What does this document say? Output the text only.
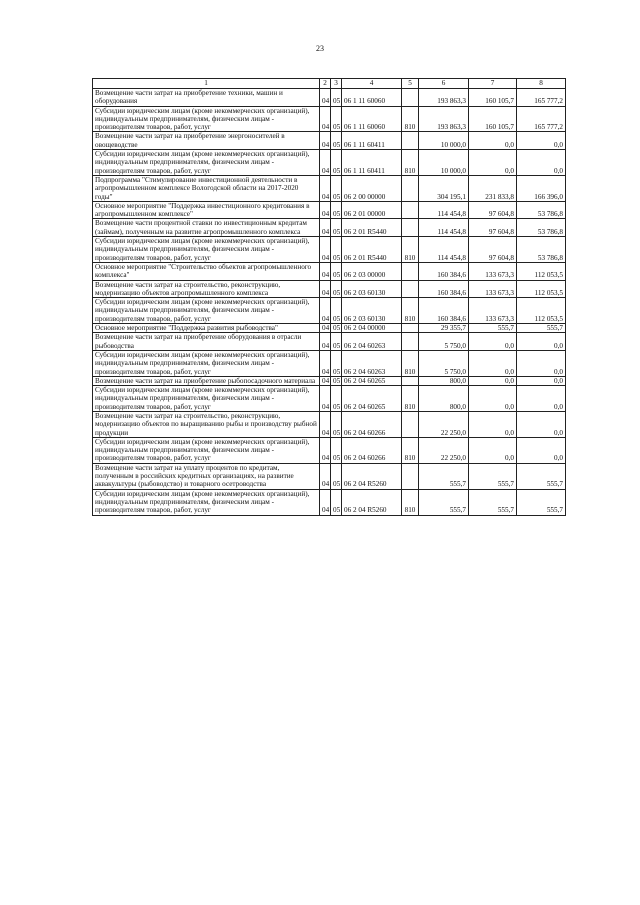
23
1	2	3	4	5	6	7	8
Возмещение части затрат на приобретение техники, машин и оборудования	04	05	06 1 11 60060		193 863,3	160 105,7	165 777,2
Субсидии юридическим лицам (кроме некоммерческих организаций), индивидуальным предпринимателям, физическим лицам - производителям товаров, работ, услуг	04	05	06 1 11 60060	810	193 863,3	160 105,7	165 777,2
Возмещение части затрат на приобретение энергоносителей в овощеводстве	04	05	06 1 11 60411		10 000,0	0,0	0,0
Субсидии юридическим лицам (кроме некоммерческих организаций), индивидуальным предпринимателям, физическим лицам - производителям товаров, работ, услуг	04	05	06 1 11 60411	810	10 000,0	0,0	0,0
Подпрограмма "Стимулирование инвестиционной деятельности в агропромышленном комплексе Вологодской области на 2017-2020 годы"	04	05	06 2 00 00000		304 195,1	231 833,8	166 396,0
Основное мероприятие "Поддержка инвестиционного кредитования в агропромышленном комплексе"	04	05	06 2 01 00000		114 454,8	97 604,8	53 786,8
Возмещение части процентной ставки по инвестиционным кредитам (займам), полученным на развитие агропромышленного комплекса	04	05	06 2 01 R5440		114 454,8	97 604,8	53 786,8
Субсидии юридическим лицам (кроме некоммерческих организаций), индивидуальным предпринимателям, физическим лицам - производителям товаров, работ, услуг	04	05	06 2 01 R5440	810	114 454,8	97 604,8	53 786,8
Основное мероприятие "Строительство объектов агропромышленного комплекса"	04	05	06 2 03 00000		160 384,6	133 673,3	112 053,5
Возмещение части затрат на строительство, реконструкцию, модернизацию объектов агропромышленного комплекса	04	05	06 2 03 60130		160 384,6	133 673,3	112 053,5
Субсидии юридическим лицам (кроме некоммерческих организаций), индивидуальным предпринимателям, физическим лицам - производителям товаров, работ, услуг	04	05	06 2 03 60130	810	160 384,6	133 673,3	112 053,5
Основное мероприятие "Поддержка развития рыбоводства"	04	05	06 2 04 00000		29 355,7	555,7	555,7
Возмещение части затрат на приобретение оборудования в отрасли рыбоводства	04	05	06 2 04 60263		5 750,0	0,0	0,0
Субсидии юридическим лицам (кроме некоммерческих организаций), индивидуальным предпринимателям, физическим лицам - производителям товаров, работ, услуг	04	05	06 2 04 60263	810	5 750,0	0,0	0,0
Возмещение части затрат на приобретение рыбопосадочного материала	04	05	06 2 04 60265		800,0	0,0	0,0
Субсидии юридическим лицам (кроме некоммерческих организаций), индивидуальным предпринимателям, физическим лицам - производителям товаров, работ, услуг	04	05	06 2 04 60265	810	800,0	0,0	0,0
Возмещение части затрат на строительство, реконструкцию, модернизацию объектов по выращиванию рыбы и производству рыбной продукции	04	05	06 2 04 60266		22 250,0	0,0	0,0
Субсидии юридическим лицам (кроме некоммерческих организаций), индивидуальным предпринимателям, физическим лицам - производителям товаров, работ, услуг	04	05	06 2 04 60266	810	22 250,0	0,0	0,0
Возмещение части затрат на уплату процентов по кредитам, полученным в российских кредитных организациях, на развитие аквакультуры (рыбоводство) и товарного осетроводства	04	05	06 2 04 R5260		555,7	555,7	555,7
Субсидии юридическим лицам (кроме некоммерческих организаций), индивидуальным предпринимателям, физическим лицам - производителям товаров, работ, услуг	04	05	06 2 04 R5260	810	555,7	555,7	555,7
